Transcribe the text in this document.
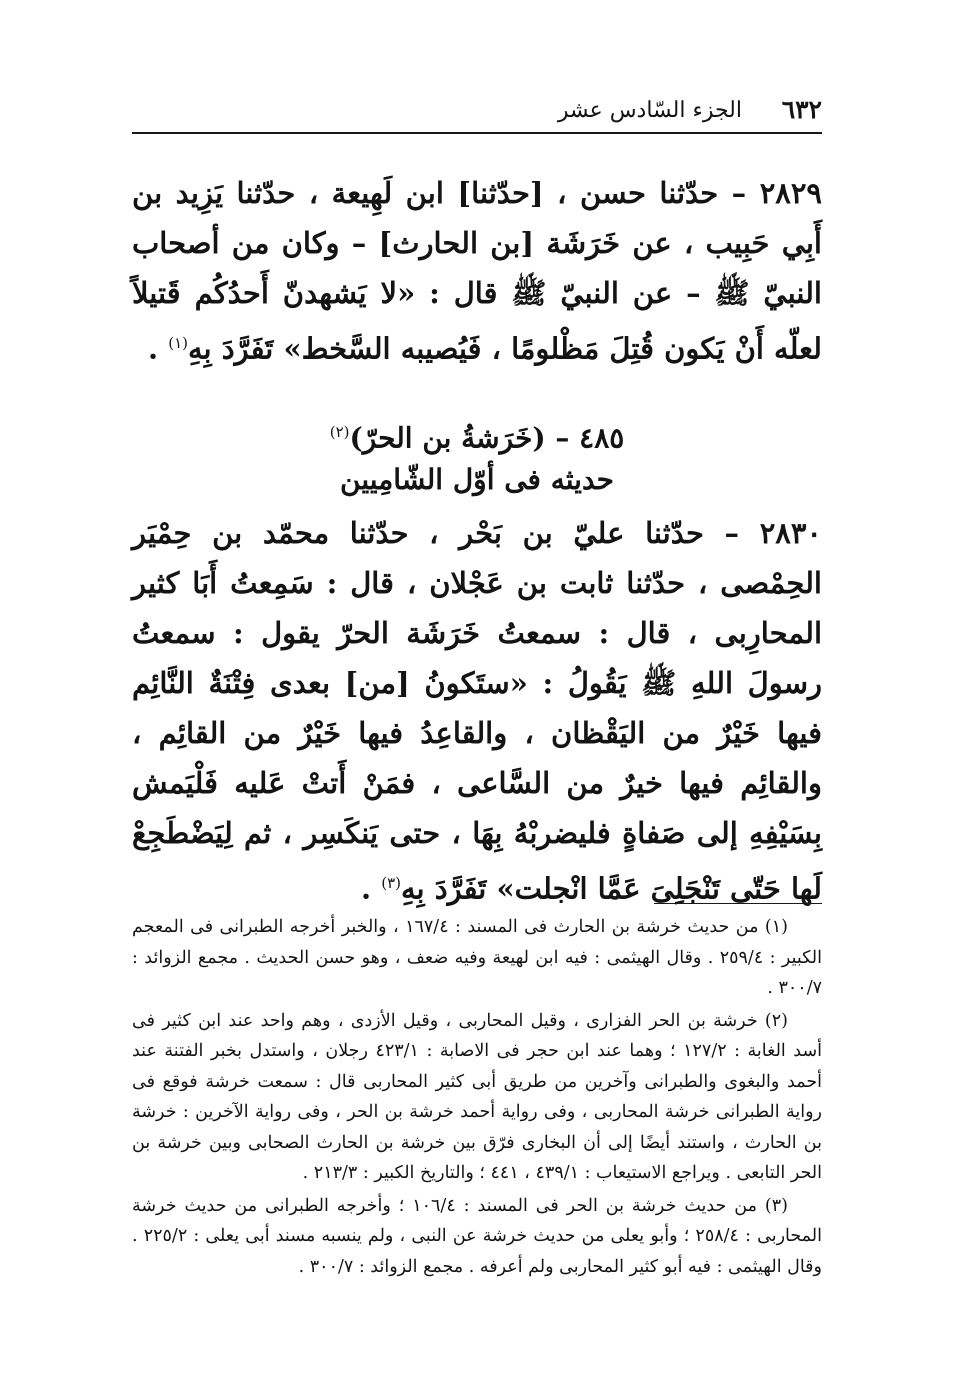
٦٣٢
الجزء السّادس عشر

٢٨٢٩ – حدّثنا حسن ، [حدّثنا] ابن لَهِيعة ، حدّثنا يَزِيد بن أَبِي حَبِيب ، عن خَرَشَة [بن الحارث] – وكان من أصحاب النبيّ ﷺ – عن النبيّ ﷺ قال : «لا يَشهدنّ أَحدُكُم قَتيلاً لعلّه أَنْ يَكون قُتِلَ مَظْلومًا ، فَيُصيبه السَّخط» تَفَرَّدَ بِهِ$^{(١)}$ .

٤٨٥ – (خَرَشةُ بن الحرّ)$^{(٢)}$
حديثه فى أوّل الشّامِيين

٢٨٣٠ – حدّثنا عليّ بن بَحْر ، حدّثنا محمّد بن حِمْيَر الحِمْصى ، حدّثنا ثابت بن عَجْلان ، قال : سَمِعتُ أَبَا كثير المحارِبى ، قال : سمعتُ خَرَشَة الحرّ يقول : سمعتُ رسولَ اللهِ ﷺ يَقُولُ : «ستَكونُ [من] بعدى فِتْنَةٌ النَّائِم فيها خَيْرٌ من اليَقْظان ، والقاعِدُ فيها خَيْرٌ من القائِم ، والقائِم فيها خيرٌ من السَّاعى ، فمَنْ أَتتْ عَليه فَلْيَمش بِسَيْفِهِ إلى صَفاةٍ فليضربْهُ بِهَا ، حتى يَنكَسِر ، ثم لِيَضْطَجِعْ لَها حَتّى تَنْجَلِىَ عَمَّا انْجلت» تَفَرَّدَ بِهِ$^{(٣)}$ .

(١) من حديث خرشة بن الحارث فى المسند : ١٦٧/٤ ، والخبر أخرجه الطبرانى فى المعجم الكبير : ٢٥٩/٤ . وقال الهيثمى : فيه ابن لهيعة وفيه ضعف ، وهو حسن الحديث . مجمع الزوائد : ٣٠٠/٧ .

(٢) خرشة بن الحر الفزارى ، وقيل المحاربى ، وقيل الأزدى ، وهم واحد عند ابن كثير فى أسد الغابة : ١٢٧/٢ ؛ وهما عند ابن حجر فى الاصابة : ٤٢٣/١ رجلان ، واستدل بخبر الفتنة عند أحمد والبغوى والطبرانى وآخرين من طريق أبى كثير المحاربى قال : سمعت خرشة فوقع فى رواية الطبرانى خرشة المحاربى ، وفى رواية أحمد خرشة بن الحر ، وفى رواية الآخرين : خرشة بن الحارث ، واستند أيضًا إلى أن البخارى فرّق بين خرشة بن الحارث الصحابى وبين خرشة بن الحر التابعى . ويراجع الاستيعاب : ٤٣٩/١ ، ٤٤١ ؛ والتاريخ الكبير : ٢١٣/٣ .

(٣) من حديث خرشة بن الحر فى المسند : ١٠٦/٤ ؛ وأخرجه الطبرانى من حديث خرشة المحاربى : ٢٥٨/٤ ؛ وأبو يعلى من حديث خرشة عن النبى ، ولم ينسبه مسند أبى يعلى : ٢٢٥/٢ . وقال الهيثمى : فيه أبو كثير المحاربى ولم أعرفه . مجمع الزوائد : ٣٠٠/٧ .
